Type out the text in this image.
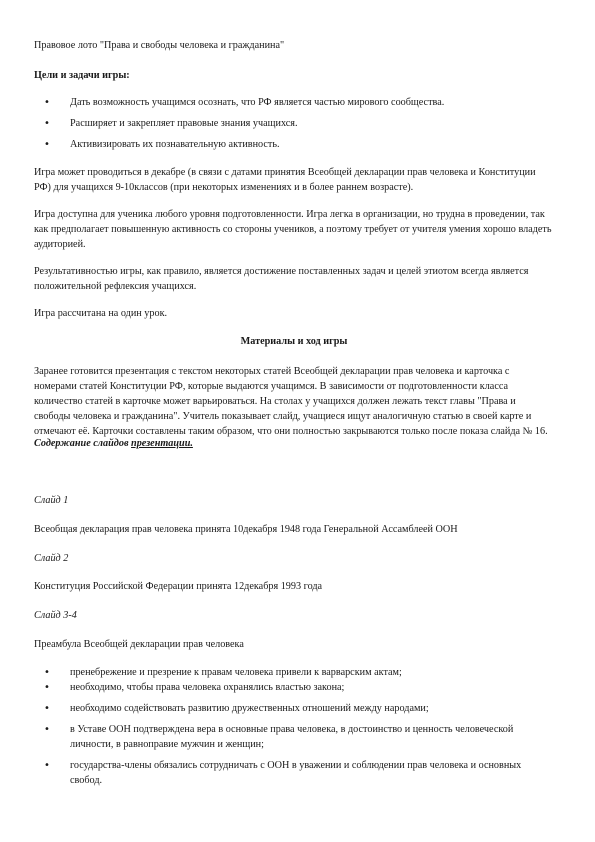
Правовое лото "Права и свободы человека и гражданина"

Цели и задачи игры:

• Дать возможность учащимся осознать, что РФ является частью мирового сообщества.
• Расширяет и закрепляет правовые знания учащихся.
• Активизировать их познавательную активность.

Игра может проводиться в декабре (в связи с датами принятия Всеобщей декларации прав человека и Конституции РФ) для учащихся 9-10классов (при некоторых изменениях и в более раннем возрасте).

Игра доступна для ученика любого уровня подготовленности. Игра легка в организации, но трудна в проведении, так как предполагает повышенную активность со стороны учеников, а поэтому требует от учителя умения хорошо владеть аудиторией.

Результативностью игры, как правило, является достижение поставленных задач и целей этиотом всегда является положительной рефлексия учащихся.

Игра рассчитана на один урок.

Материалы и ход игры

Заранее готовится презентация с текстом некоторых статей Всеобщей декларации прав человека и карточка с номерами статей Конституции РФ, которые выдаются учащимся. В зависимости от подготовленности класса количество статей в карточке может варьироваться. На столах у учащихся должен лежать текст главы "Права и свободы человека и гражданина". Учитель показывает слайд, учащиеся ищут аналогичную статью в своей карте и отмечают её. Карточки составлены таким образом, что они полностью закрываются только после показа слайда № 16.

Содержание слайдов презентации.

Слайд 1

Всеобщая декларация прав человека принята 10декабря 1948 года Генеральной Ассамблеей ООН

Слайд 2

Конституция Российской Федерации принята 12декабря 1993 года

Слайд 3-4

Преамбула Всеобщей декларации прав человека

• пренебрежение и презрение к правам человека привели к варварским актам;
• необходимо, чтобы права человека охранялись властью закона;
• необходимо содействовать развитию дружественных отношений между народами;
• в Уставе ООН подтверждена вера в основные права человека, в достоинство и ценность человеческой личности, в равноправие мужчин и женщин;
• государства-члены обязались сотрудничать с ООН в уважении и соблюдении прав человека и основных свобод.
